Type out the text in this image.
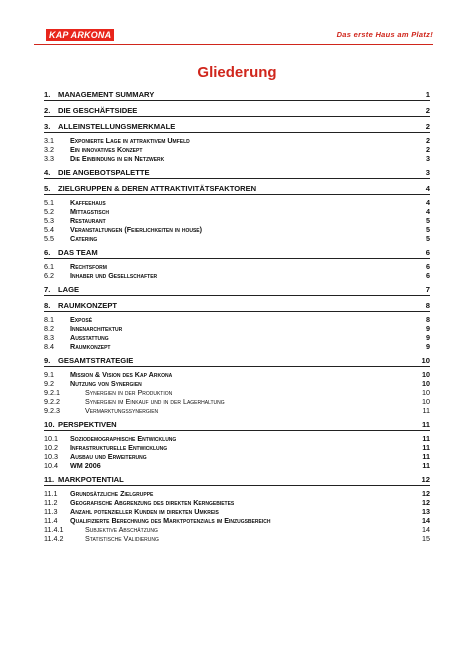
KAP ARKONA	Das erste Haus am Platz!
Gliederung
1. MANAGEMENT SUMMARY	1
2. DIE GESCHÄFTSIDEE	2
3. ALLEINSTELLUNGSMERKMALE	2
3.1 Exponierte Lage in attraktivem Umfeld	2
3.2 Ein innovatives Konzept	2
3.3 Die Einbindung in ein Netzwerk	3
4. DIE ANGEBOTSPALETTE	3
5. ZIELGRUPPEN & DEREN ATTRAKTIVITÄTSFAKTOREN	4
5.1 Kaffeehaus	4
5.2 Mittagstisch	4
5.3 Restaurant	5
5.4 Veranstaltungen (Feierlichkeiten in house)	5
5.5 Catering	5
6. DAS TEAM	6
6.1 Rechtsform	6
6.2 Inhaber und Gesellschafter	6
7. LAGE	7
8. RAUMKONZEPT	8
8.1 Exposé	8
8.2 Innenarchitektur	9
8.3 Ausstattung	9
8.4 Raumkonzept	9
9. GESAMTSTRATEGIE	10
9.1 Mission & Vision des Kap Arkona	10
9.2 Nutzung von Synergien	10
9.2.1	Synergien in der Produktion	10
9.2.2	Synergien im Einkauf und in der Lagerhaltung	10
9.2.3	Vermarktungssynergien	11
10. PERSPEKTIVEN	11
10.1 Soziodemographische Entwicklung	11
10.2 Infrastrukturelle Entwicklung	11
10.3 Ausbau und Erweiterung	11
10.4 WM 2006	11
11. MARKPOTENTIAL	12
11.1 Grundsätzliche Zielgruppe	12
11.2 Geografische Abgrenzung des direkten Kerngebietes	12
11.3 Anzahl potenzieller Kunden im direkten Umkreis	13
11.4 Qualifizierte Berechnung des Marktpotenzials im Einzugsbereich	14
11.4.1	Subjektive Abschätzung	14
11.4.2	Statistische Validierung	15
